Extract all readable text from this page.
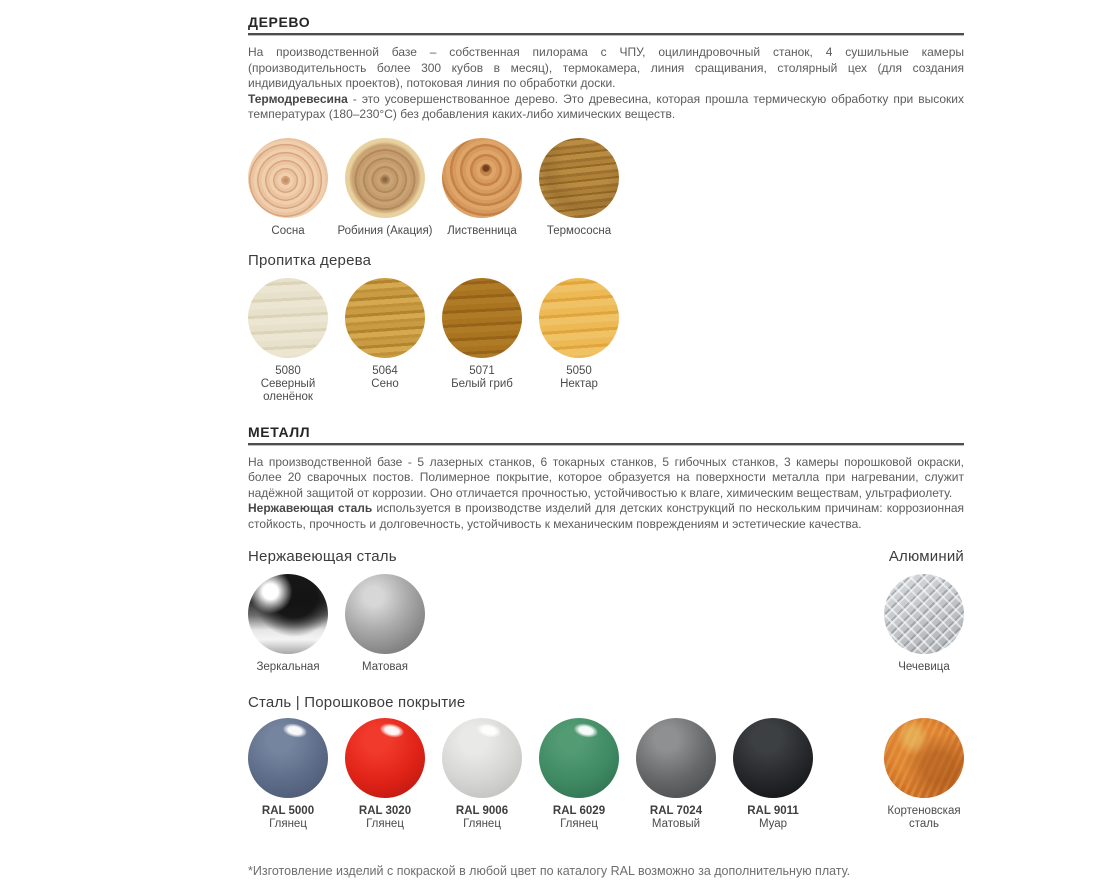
ДЕРЕВО
На производственной базе – собственная пилорама с ЧПУ, оцилиндровочный станок, 4 сушильные камеры (производительность более 300 кубов в месяц), термокамера, линия сращивания, столярный цех (для создания индивидуальных проектов), потоковая линия по обработки доски.
Термодревесина - это усовершенствованное дерево. Это древесина, которая прошла термическую обработку при высоких температурах (180–230°С) без добавления каких-либо химических веществ.
Сосна	Робиния (Акация) Лиственница	Термососна
Пропитка дерева
5080
Северный оленёнок
5064
Сено
5071
Белый гриб
5050
Нектар
МЕТАЛЛ
На производственной базе - 5 лазерных станков, 6 токарных станков, 5 гибочных станков, 3 камеры порошковой окраски, более 20 сварочных постов. Полимерное покрытие, которое образуется на поверхности металла при нагревании, служит надёжной защитой от коррозии. Оно отличается прочностью, устойчивостью к влаге, химическим веществам, ультрафиолету.
Нержавеющая сталь используется в производстве изделий для детских конструкций по нескольким причинам: коррозионная стойкость, прочность и долговечность, устойчивость к механическим повреждениям и эстетические качества.
Нержавеющая сталь	Алюминий
Зеркальная	Матовая	Чечевица
Сталь | Порошковое покрытие
RAL 5000
Глянец
RAL 3020
Глянец
RAL 9006
Глянец
RAL 6029
Глянец
RAL 7024
Матовый
RAL 9011
Муар
Кортеновская сталь
*Изготовление изделий с покраской в любой цвет по каталогу RAL возможно за дополнительную плату.
